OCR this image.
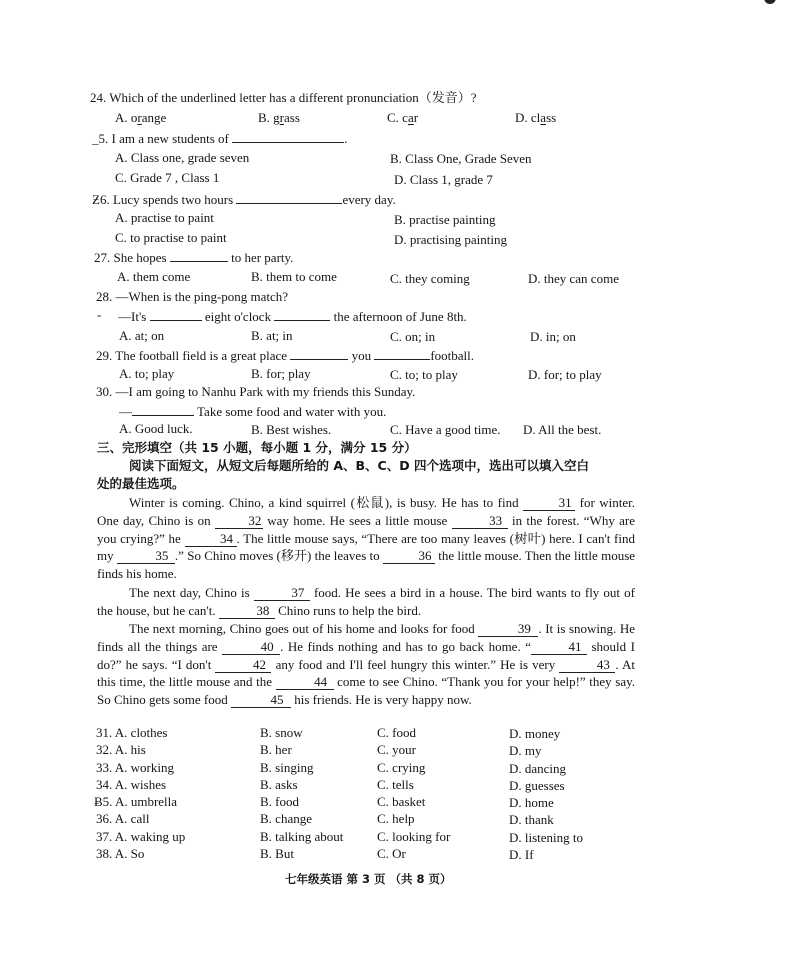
24. Which of the underlined letter has a different pronunciation（发音）?
A. orange	B. grass	C. car	D. class
_5. I am a new students of	.
A. Class one, grade seven	B. Class One, Grade Seven
C. Grade 7 , Class 1	D. Class 1, grade 7
Ƶ6. Lucy spends two hours	every day.
A. practise to paint	B. practise painting
C. to practise to paint	D. practising painting
27. She hopes	to her party.
A. them come	B. them to come	C. they coming	D. they can come
28. —When is the ping-pong match?
- —It's	eight o'clock	the afternoon of June 8th.
A. at; on	B. at; in	C. on; in	D. in; on
29. The football field is a great place	you	football.
A. to; play	B. for; play	C. to; to play	D. for; to play
30. —I am going to Nanhu Park with my friends this Sunday.
—	Take some food and water with you.
A. Good luck.	B. Best wishes.	C. Have a good time. D. All the best.
三、完形填空（共 15 小题，每小题 1 分，满分 15 分）
阅读下面短文，从短文后每题所给的 A、B、C、D 四个选项中，选出可以填入空白
处的最佳选项。
Winter is coming. Chino, a kind squirrel (松鼠), is busy. He has to find	31 for winter. One day, Chino is on	32 way home. He sees a little mouse	33 in the forest. “Why are you crying?” he	34 . The little mouse says, “There are too many leaves (树叶) here. I can't find my	35 .” So Chino moves (移开) the leaves to	36 the little mouse. Then the little mouse finds his home.
The next day, Chino is	37 food. He sees a bird in a house. The bird wants to fly out of the house, but he can't.	38 Chino runs to help the bird.
The next morning, Chino goes out of his home and looks for food	39 . It is snowing. He finds all the things are	40 . He finds nothing and has to go back home. “	41 should I do?” he says. “I don't	42 any food and I'll feel hungry this winter.” He is very	43 . At this time, the little mouse and the	44 come to see Chino. “Thank you for your help!” they say. So Chino gets some food	45 his friends. He is very happy now.
31. A. clothes	B. snow	C. food	D. money
32. A. his	B. her	C. your	D. my
33. A. working	B. singing	C. crying	D. dancing
34. A. wishes	B. asks	C. tells	D. guesses
Ƀ5. A. umbrella	B. food	C. basket	D. home
36. A. call	B. change	C. help	D. thank
37. A. waking up	B. talking about	C. looking for	D. listening to
38. A. So	B. But	C. Or	D. If
七年级英语 第 3 页 （共 8 页）
